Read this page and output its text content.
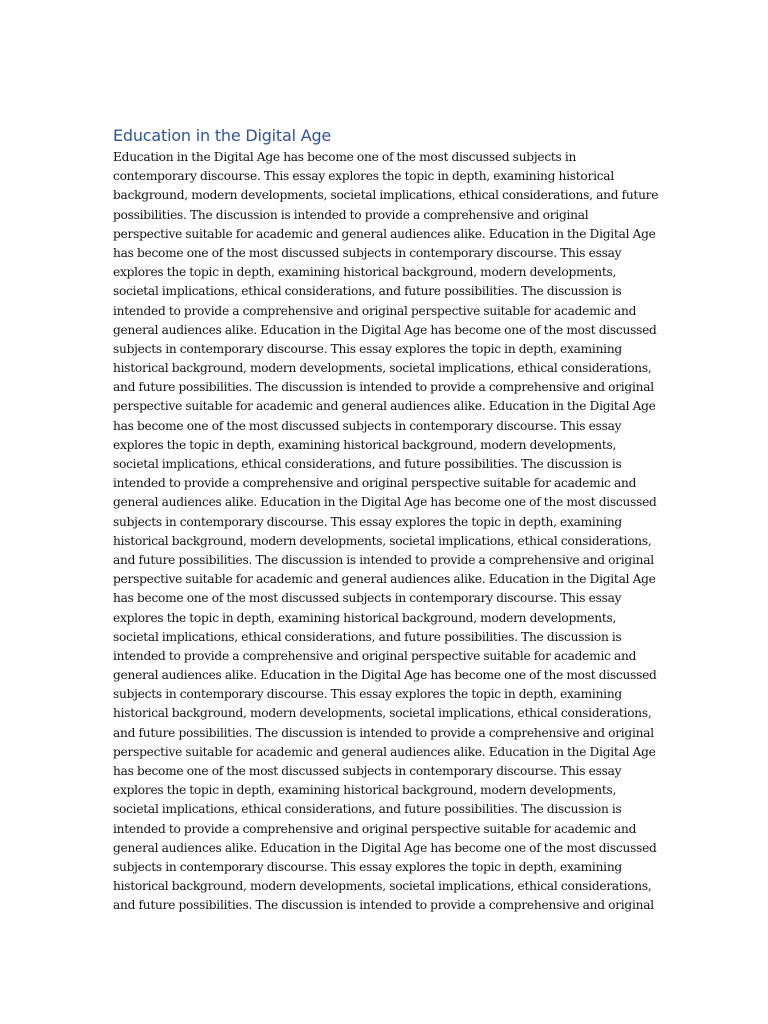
Education in the Digital Age
Education in the Digital Age has become one of the most discussed subjects in
contemporary discourse. This essay explores the topic in depth, examining historical
background, modern developments, societal implications, ethical considerations, and future
possibilities. The discussion is intended to provide a comprehensive and original
perspective suitable for academic and general audiences alike. Education in the Digital Age
has become one of the most discussed subjects in contemporary discourse. This essay
explores the topic in depth, examining historical background, modern developments,
societal implications, ethical considerations, and future possibilities. The discussion is
intended to provide a comprehensive and original perspective suitable for academic and
general audiences alike. Education in the Digital Age has become one of the most discussed
subjects in contemporary discourse. This essay explores the topic in depth, examining
historical background, modern developments, societal implications, ethical considerations,
and future possibilities. The discussion is intended to provide a comprehensive and original
perspective suitable for academic and general audiences alike. Education in the Digital Age
has become one of the most discussed subjects in contemporary discourse. This essay
explores the topic in depth, examining historical background, modern developments,
societal implications, ethical considerations, and future possibilities. The discussion is
intended to provide a comprehensive and original perspective suitable for academic and
general audiences alike. Education in the Digital Age has become one of the most discussed
subjects in contemporary discourse. This essay explores the topic in depth, examining
historical background, modern developments, societal implications, ethical considerations,
and future possibilities. The discussion is intended to provide a comprehensive and original
perspective suitable for academic and general audiences alike. Education in the Digital Age
has become one of the most discussed subjects in contemporary discourse. This essay
explores the topic in depth, examining historical background, modern developments,
societal implications, ethical considerations, and future possibilities. The discussion is
intended to provide a comprehensive and original perspective suitable for academic and
general audiences alike. Education in the Digital Age has become one of the most discussed
subjects in contemporary discourse. This essay explores the topic in depth, examining
historical background, modern developments, societal implications, ethical considerations,
and future possibilities. The discussion is intended to provide a comprehensive and original
perspective suitable for academic and general audiences alike. Education in the Digital Age
has become one of the most discussed subjects in contemporary discourse. This essay
explores the topic in depth, examining historical background, modern developments,
societal implications, ethical considerations, and future possibilities. The discussion is
intended to provide a comprehensive and original perspective suitable for academic and
general audiences alike. Education in the Digital Age has become one of the most discussed
subjects in contemporary discourse. This essay explores the topic in depth, examining
historical background, modern developments, societal implications, ethical considerations,
and future possibilities. The discussion is intended to provide a comprehensive and original
